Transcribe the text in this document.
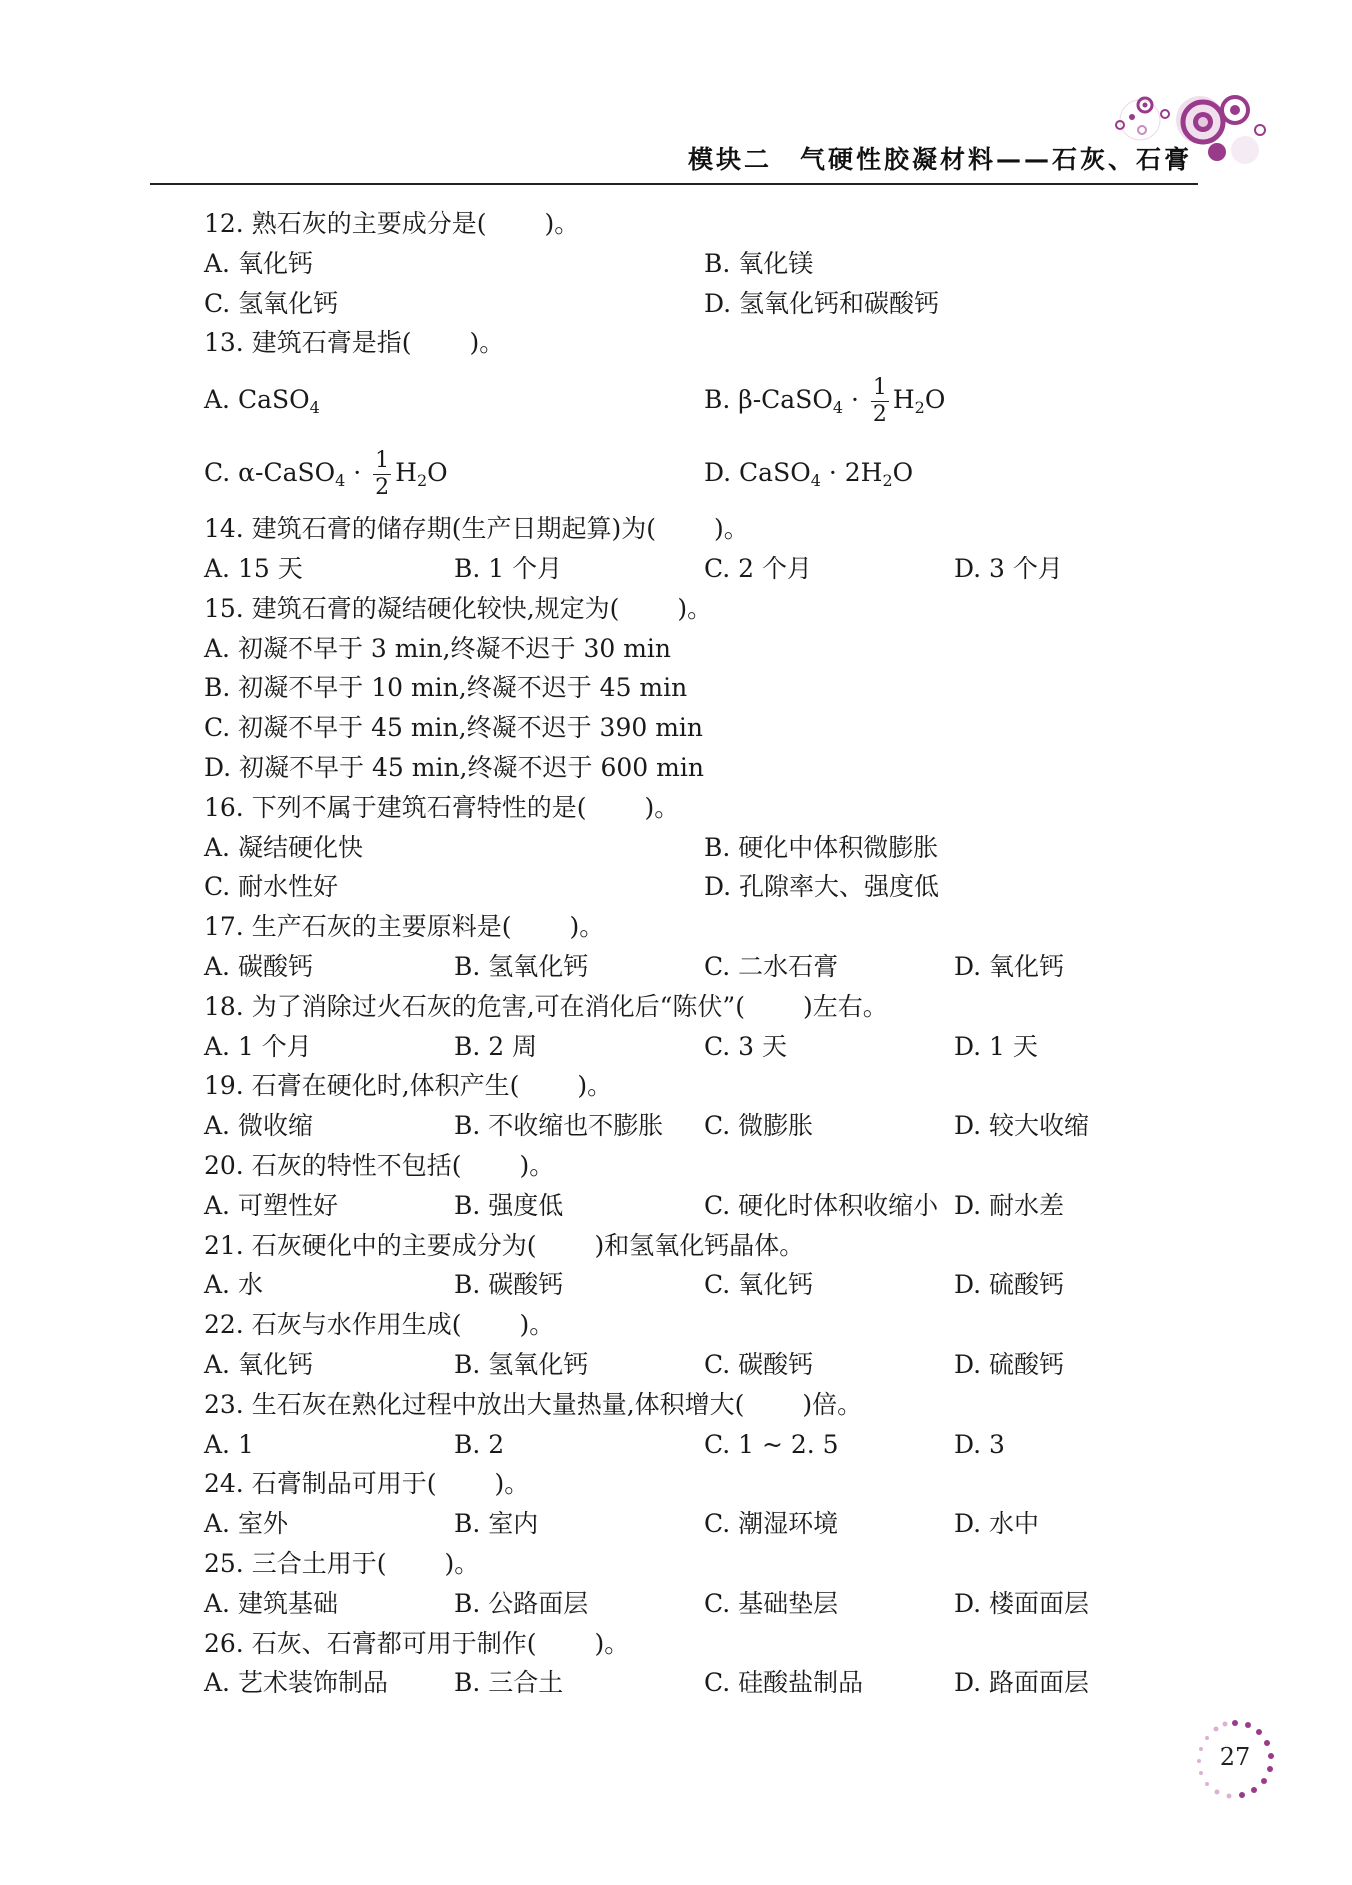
模块二　气硬性胶凝材料——石灰、石膏
12. 熟石灰的主要成分是( )。
A. 氧化钙	B. 氧化镁
C. 氢氧化钙	D. 氢氧化钙和碳酸钙
13. 建筑石膏是指( )。
A. CaSO$_4$	B. β-CaSO$_4$ · $\frac{1}{2} H_2O$
C. α-CaSO$_4$ · $\frac{1}{2} H_2O$	D. CaSO$_4$ · $2H_2O$
14. 建筑石膏的储存期(生产日期起算)为( )。
A. 15 天	B. 1 个月	C. 2 个月	D. 3 个月
15. 建筑石膏的凝结硬化较快,规定为( )。
A. 初凝不早于 3 min,终凝不迟于 30 min
B. 初凝不早于 10 min,终凝不迟于 45 min
C. 初凝不早于 45 min,终凝不迟于 390 min
D. 初凝不早于 45 min,终凝不迟于 600 min
16. 下列不属于建筑石膏特性的是( )。
A. 凝结硬化快	B. 硬化中体积微膨胀
C. 耐水性好	D. 孔隙率大、强度低
17. 生产石灰的主要原料是( )。
A. 碳酸钙	B. 氢氧化钙	C. 二水石膏	D. 氧化钙
18. 为了消除过火石灰的危害,可在消化后“陈伏”( )左右。
A. 1 个月	B. 2 周	C. 3 天	D. 1 天
19. 石膏在硬化时,体积产生( )。
A. 微收缩	B. 不收缩也不膨胀	C. 微膨胀	D. 较大收缩
20. 石灰的特性不包括( )。
A. 可塑性好	B. 强度低	C. 硬化时体积收缩小 D. 耐水差
21. 石灰硬化中的主要成分为( )和氢氧化钙晶体。
A. 水	B. 碳酸钙	C. 氧化钙	D. 硫酸钙
22. 石灰与水作用生成( )。
A. 氧化钙	B. 氢氧化钙	C. 碳酸钙	D. 硫酸钙
23. 生石灰在熟化过程中放出大量热量,体积增大( )倍。
A. 1	B. 2	C. 1 ~ 2. 5	D. 3
24. 石膏制品可用于( )。
A. 室外	B. 室内	C. 潮湿环境	D. 水中
25. 三合土用于( )。
A. 建筑基础	B. 公路面层	C. 基础垫层	D. 楼面面层
26. 石灰、石膏都可用于制作( )。
A. 艺术装饰制品	B. 三合土	C. 硅酸盐制品	D. 路面面层
27
